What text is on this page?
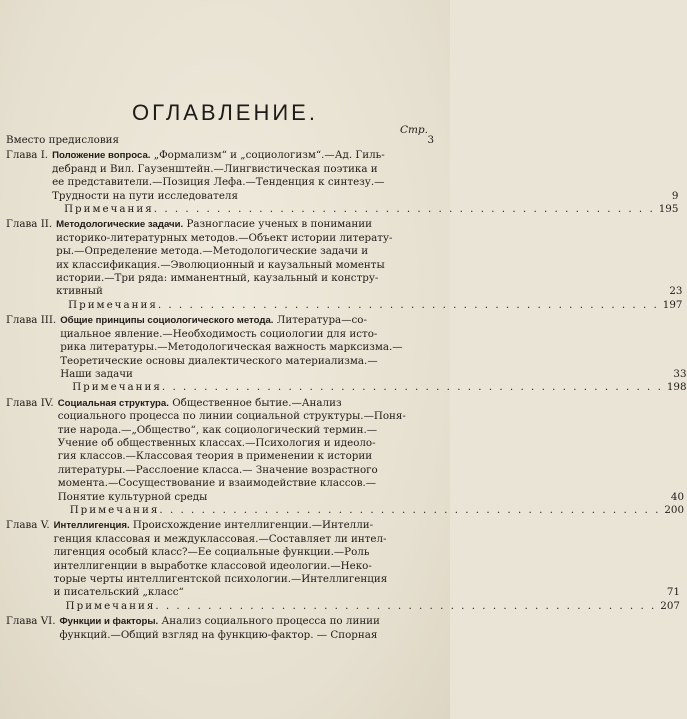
ОГЛАВЛЕНИЕ.
Стр.
Вместо предисловия	3
Глава I. Положение вопроса. „Формализм“ и „социологизм“.—Ад. Гиль-
дебранд и Вил. Гаузенштейн.—Лингвистическая поэтика и
ее представители.—Позиция Лефа.—Тенденция к синтезу.—
Трудности на пути исследователя	9
Примечания . . .	195
Глава II. Методологические задачи. Разногласие ученых в понимании
историко-литературных методов.—Объект истории литерату-
ры.—Определение метода.—Методологические задачи и
их классификация.—Эволюционный и каузальный моменты
истории.—Три ряда: имманентный, каузальный и констру-
ктивный	23
Примечания . . .	197
Глава III. Общие принципы социологического метода. Литература—со-
циальное явление.—Необходимость социологии для исто-
рика литературы.—Методологическая важность марксизма.—
Теоретические основы диалектического материализма.—
Наши задачи	33
Примечания . . .	198
Глава IV. Социальная структура. Общественное бытие.—Анализ
социального процесса по линии социальной структуры.—Поня-
тие народа.—„Общество“, как социологический термин.—
Учение об общественных классах.—Психология и идеоло-
гия классов.—Классовая теория в применении к истории
литературы.—Расслоение класса.— Значение возрастного
момента.—Сосуществование и взаимодействие классов.—
Понятие культурной среды	40
Примечания . . .	200
Глава V. Интеллигенция. Происхождение интеллигенции.—Интелли-
генция классовая и междуклассовая.—Составляет ли интел-
лигенция особый класс?—Ее социальные функции.—Роль
интеллигенции в выработке классовой идеологии.—Неко-
торые черты интеллигентской психологии.—Интеллигенция
и писательский „класс“	71
Примечания . . .	207
Глава VI. Функции и факторы. Анализ социального процесса по линии
функций.—Общий взгляд на функцию-фактор. — Спорная
